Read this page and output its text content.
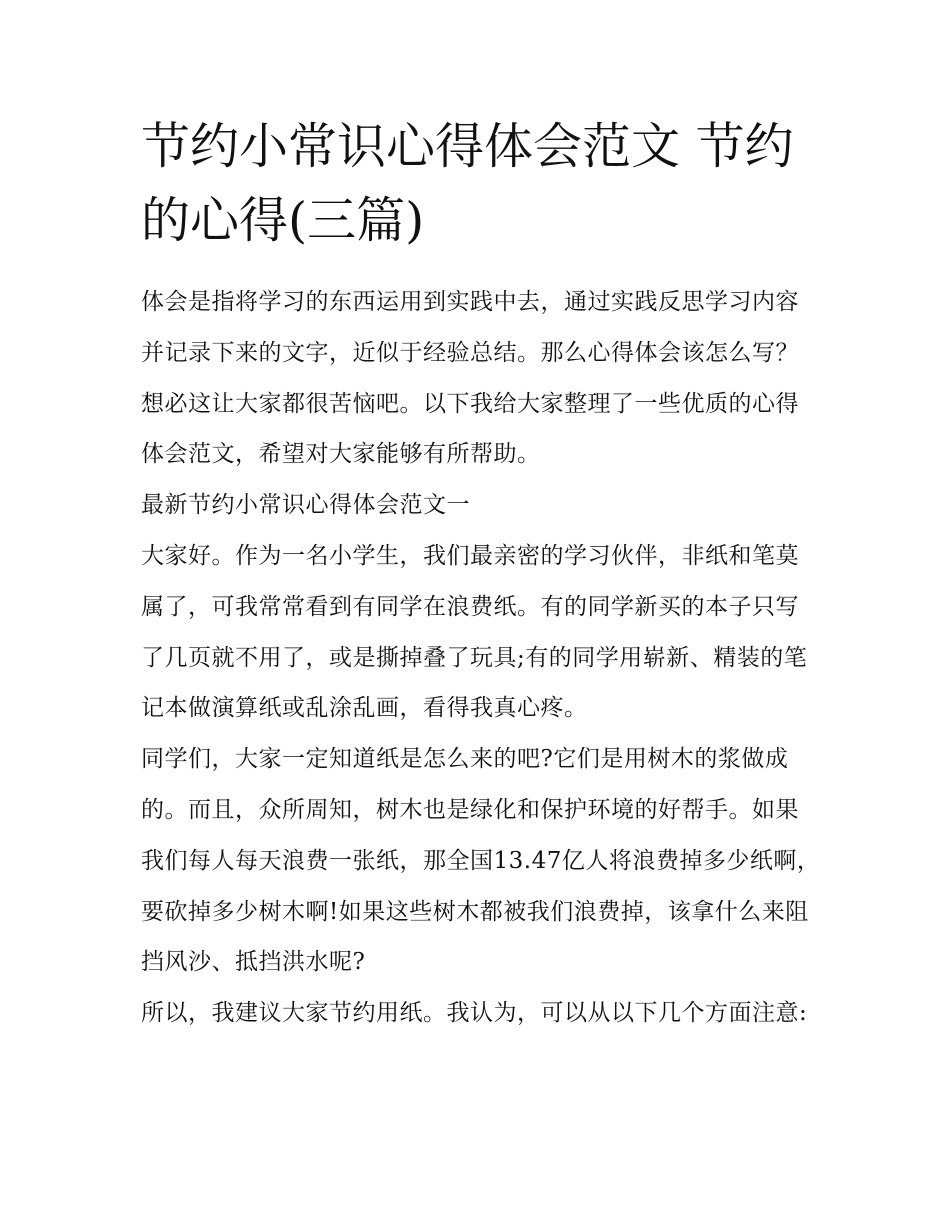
节约小常识心得体会范文 节约的心得(三篇)

体会是指将学习的东西运用到实践中去，通过实践反思学习内容并记录下来的文字，近似于经验总结。那么心得体会该怎么写？想必这让大家都很苦恼吧。以下我给大家整理了一些优质的心得体会范文，希望对大家能够有所帮助。

最新节约小常识心得体会范文一

大家好。作为一名小学生，我们最亲密的学习伙伴，非纸和笔莫属了，可我常常看到有同学在浪费纸。有的同学新买的本子只写了几页就不用了，或是撕掉叠了玩具;有的同学用崭新、精装的笔记本做演算纸或乱涂乱画，看得我真心疼。

同学们，大家一定知道纸是怎么来的吧?它们是用树木的浆做成的。而且，众所周知，树木也是绿化和保护环境的好帮手。如果我们每人每天浪费一张纸，那全国13.47亿人将浪费掉多少纸啊，要砍掉多少树木啊!如果这些树木都被我们浪费掉，该拿什么来阻挡风沙、抵挡洪水呢?

所以，我建议大家节约用纸。我认为，可以从以下几个方面注意:
